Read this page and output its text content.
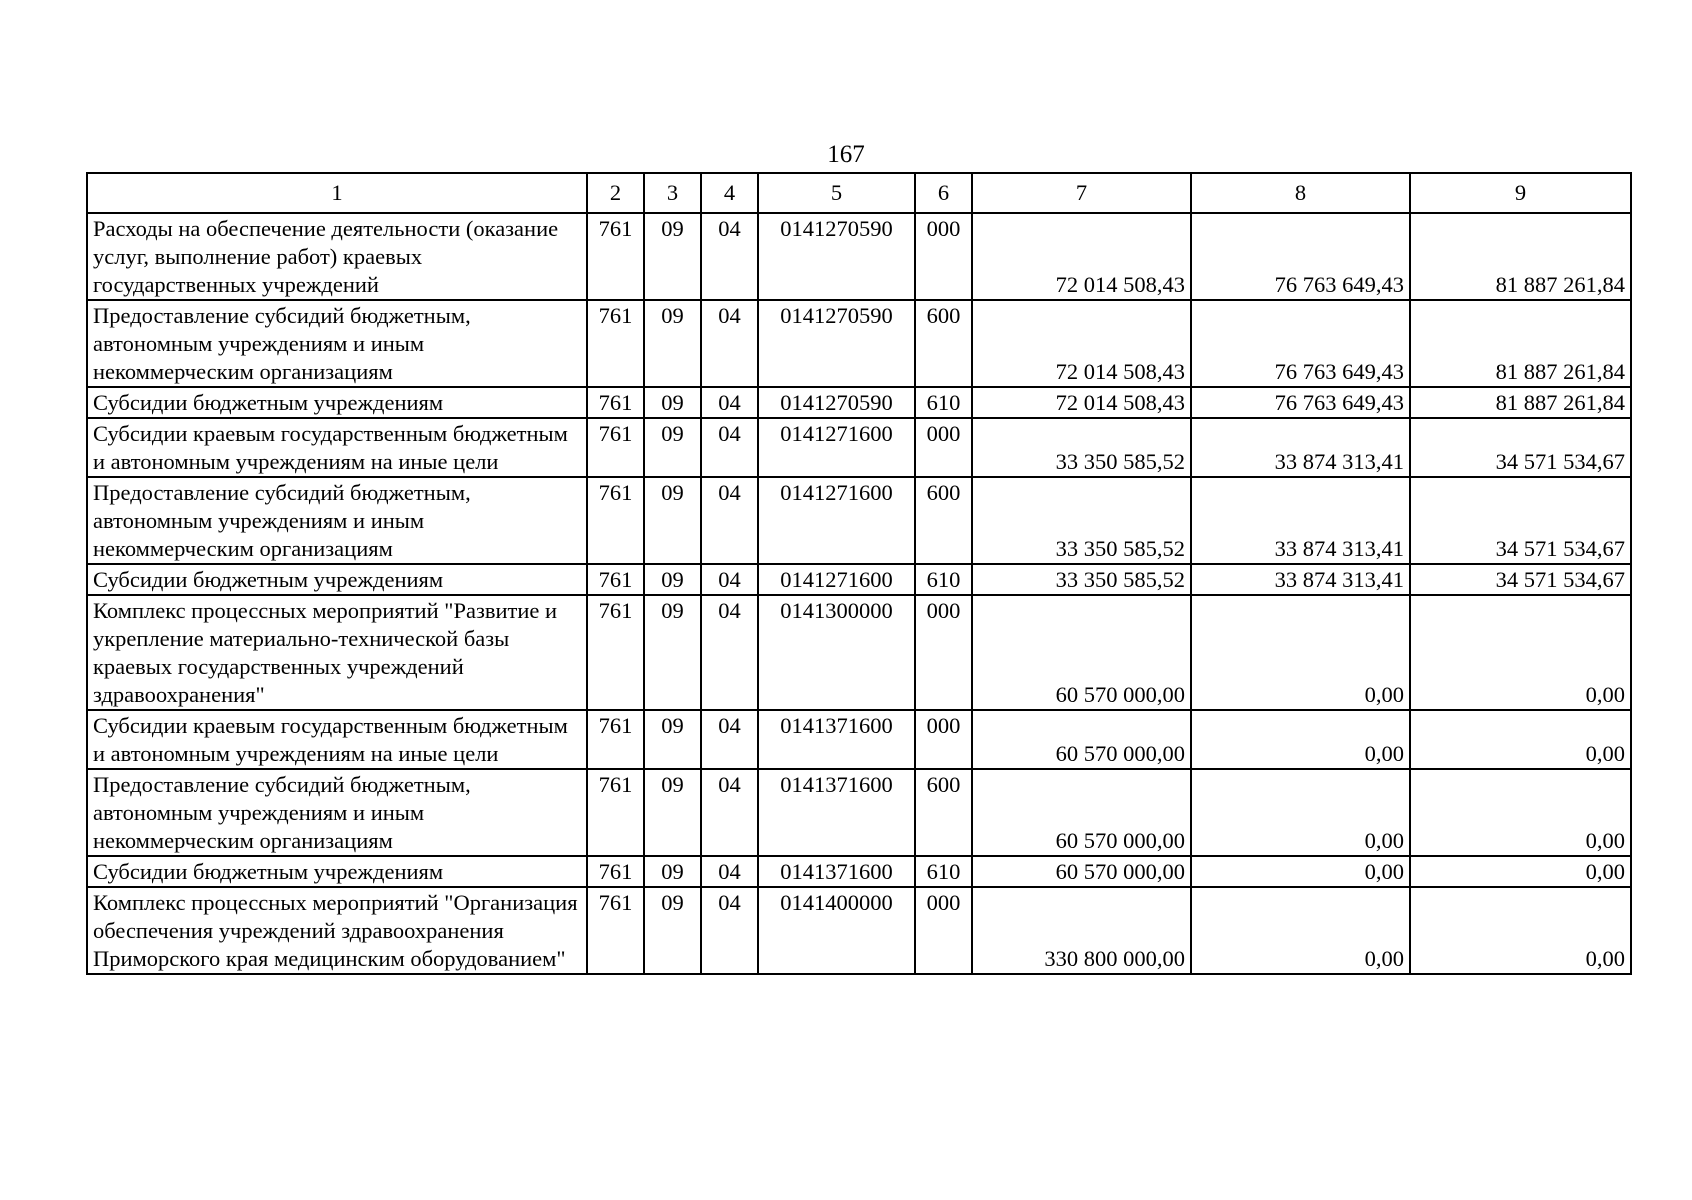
167
1	2	3	4	5	6	7	8	9
Расходы на обеспечение деятельности (оказание услуг, выполнение работ) краевых государственных учреждений	761	09	04	0141270590	000	72 014 508,43	76 763 649,43	81 887 261,84
Предоставление субсидий бюджетным, автономным учреждениям и иным некоммерческим организациям	761	09	04	0141270590	600	72 014 508,43	76 763 649,43	81 887 261,84
Субсидии бюджетным учреждениям	761	09	04	0141270590	610	72 014 508,43	76 763 649,43	81 887 261,84
Субсидии краевым государственным бюджетным и автономным учреждениям на иные цели	761	09	04	0141271600	000	33 350 585,52	33 874 313,41	34 571 534,67
Предоставление субсидий бюджетным, автономным учреждениям и иным некоммерческим организациям	761	09	04	0141271600	600	33 350 585,52	33 874 313,41	34 571 534,67
Субсидии бюджетным учреждениям	761	09	04	0141271600	610	33 350 585,52	33 874 313,41	34 571 534,67
Комплекс процессных мероприятий "Развитие и укрепление материально-технической базы краевых государственных учреждений здравоохранения"	761	09	04	0141300000	000	60 570 000,00	0,00	0,00
Субсидии краевым государственным бюджетным и автономным учреждениям на иные цели	761	09	04	0141371600	000	60 570 000,00	0,00	0,00
Предоставление субсидий бюджетным, автономным учреждениям и иным некоммерческим организациям	761	09	04	0141371600	600	60 570 000,00	0,00	0,00
Субсидии бюджетным учреждениям	761	09	04	0141371600	610	60 570 000,00	0,00	0,00
Комплекс процессных мероприятий "Организация обеспечения учреждений здравоохранения Приморского края медицинским оборудованием"	761	09	04	0141400000	000	330 800 000,00	0,00	0,00
